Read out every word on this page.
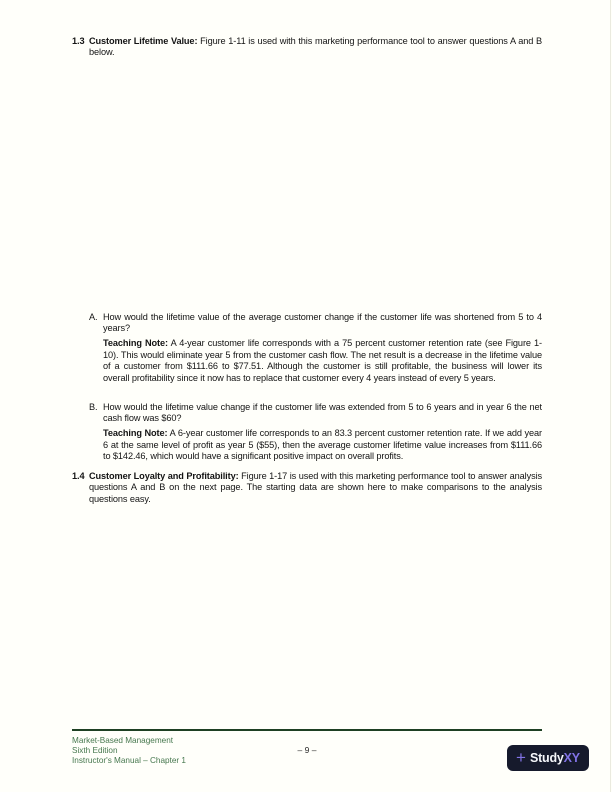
1.3 Customer Lifetime Value: Figure 1-11 is used with this marketing performance tool to answer questions A and B below.

A. How would the lifetime value of the average customer change if the customer life was shortened from 5 to 4 years?

Teaching Note: A 4-year customer life corresponds with a 75 percent customer retention rate (see Figure 1-10). This would eliminate year 5 from the customer cash flow. The net result is a decrease in the lifetime value of a customer from $111.66 to $77.51. Although the customer is still profitable, the business will lower its overall profitability since it now has to replace that customer every 4 years instead of every 5 years.

B. How would the lifetime value change if the customer life was extended from 5 to 6 years and in year 6 the net cash flow was $60?

Teaching Note: A 6-year customer life corresponds to an 83.3 percent customer retention rate. If we add year 6 at the same level of profit as year 5 ($55), then the average customer lifetime value increases from $111.66 to $142.46, which would have a significant positive impact on overall profits.

1.4 Customer Loyalty and Profitability: Figure 1-17 is used with this marketing performance tool to answer analysis questions A and B on the next page. The starting data are shown here to make comparisons to the analysis questions easy.

Market-Based Management
Sixth Edition
Instructor's Manual – Chapter 1
– 9 –	+ StudyXY
